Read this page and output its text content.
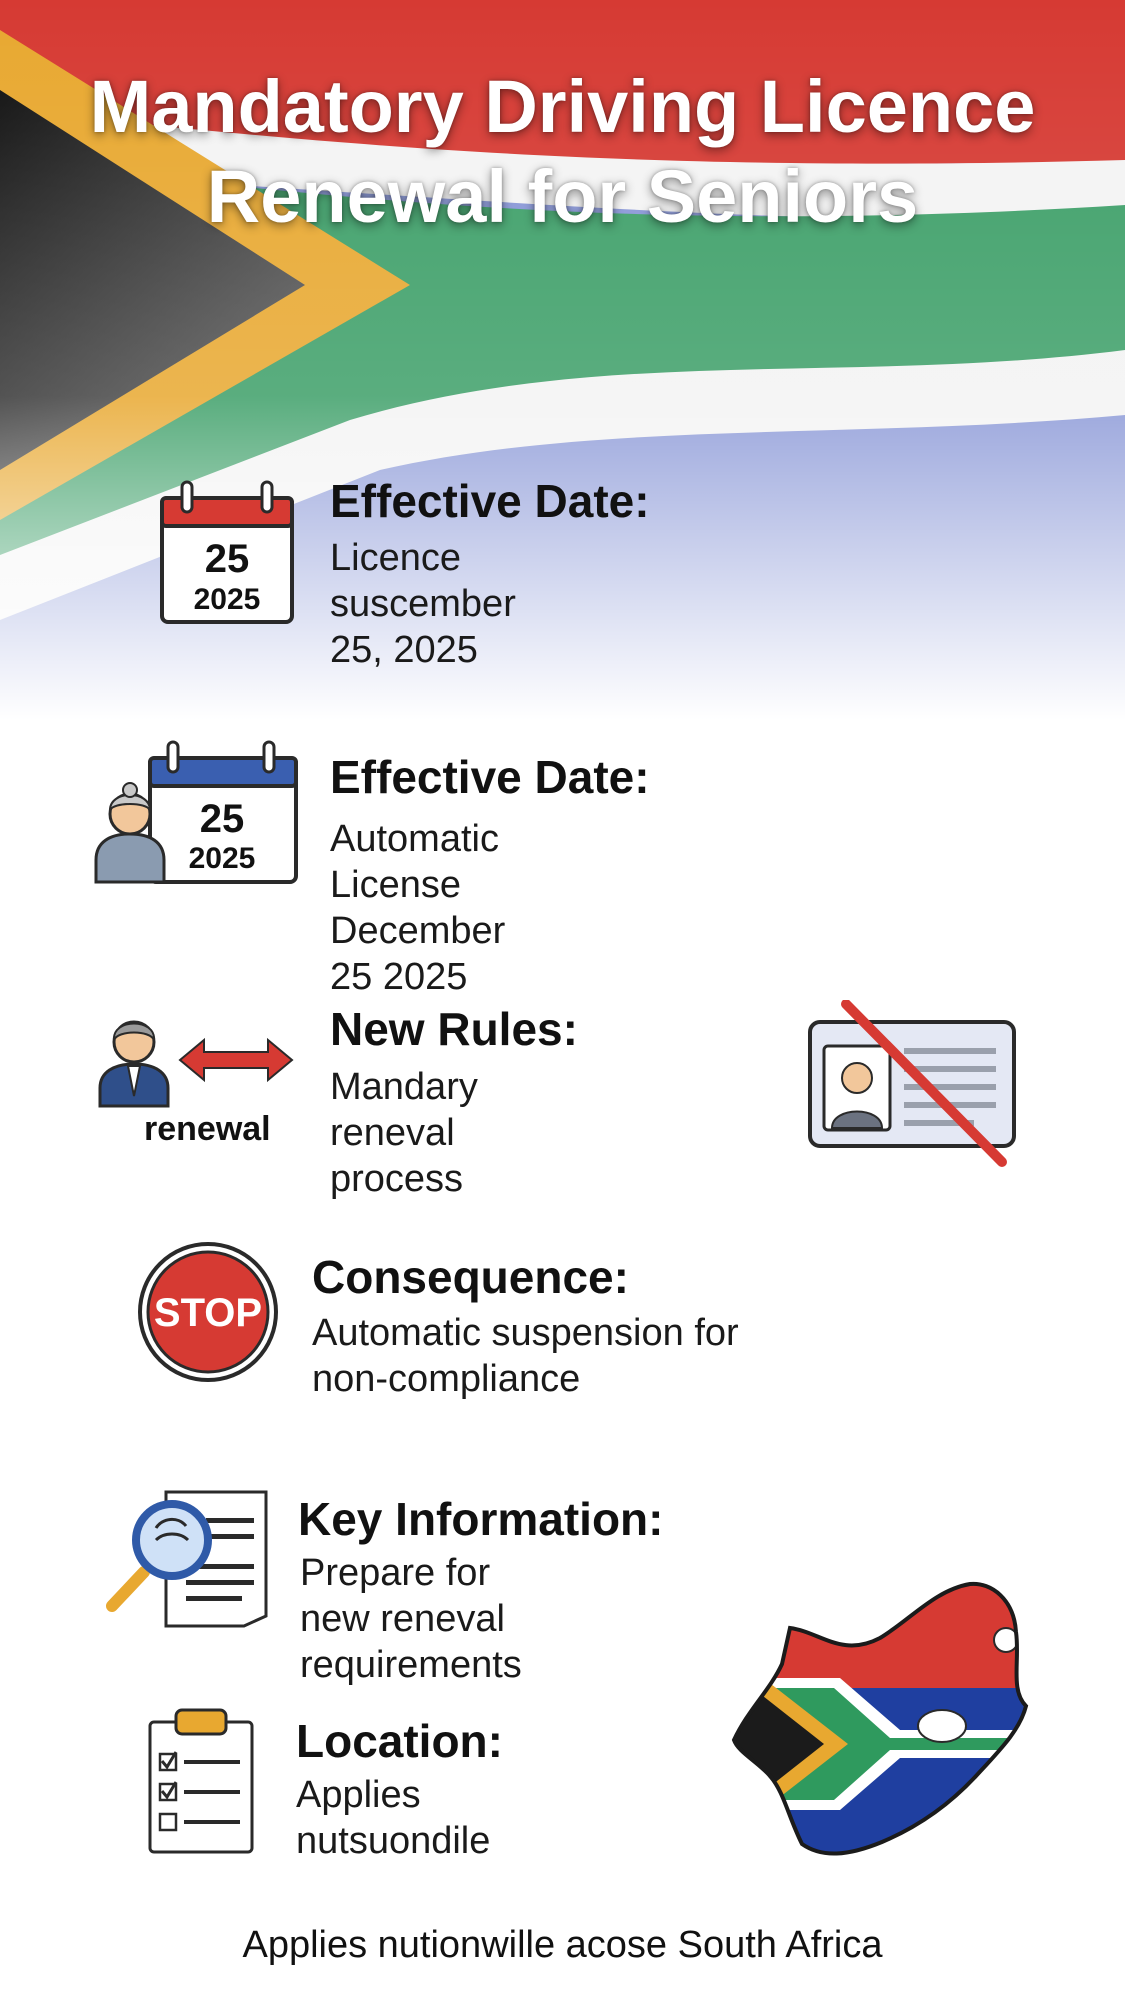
Mandatory Driving Licence
Renewal for Seniors
25
2025
Effective Date:
Licence suscember 25, 2025
25
2025
Effective Date:
Automatic License December 25 2025
renewal
New Rules:
Mandary reneval process
STOP
Consequence:
Automatic suspension for non-compliance
Key Information:
Prepare for new reneval requirements
Location:
Applies nutsuondile
Applies nutionwille acose South Africa
